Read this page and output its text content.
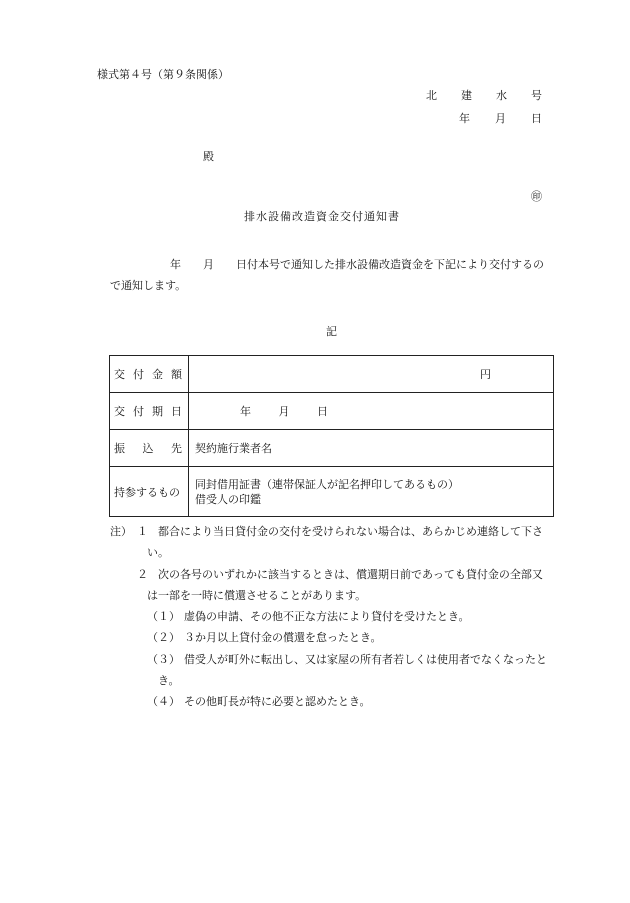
様式第４号（第９条関係）
北 建 水 号
年 月 日
殿
㊞
排水設備改造資金交付通知書
年 月 日付本号で通知した排水設備改造資金を下記により交付するの
で通知します。
記
交 付 金 額	円

交 付 期 日	年 月 日

振 込 先	契約施行業者名
持参するもの	同封借用証書（連帯保証人が記名押印してあるもの）
借受人の印鑑
注） １ 都合により当日貸付金の交付を受けられない場合は、あらかじめ連絡して下さ
い。
２ 次の各号のいずれかに該当するときは、償還期日前であっても貸付金の全部又
は一部を一時に償還させることがあります。
（１） 虚偽の申請、その他不正な方法により貸付を受けたとき。
（２） ３か月以上貸付金の償還を怠ったとき。
（３） 借受人が町外に転出し、又は家屋の所有者若しくは使用者でなくなったと
き。
（４） その他町長が特に必要と認めたとき。
